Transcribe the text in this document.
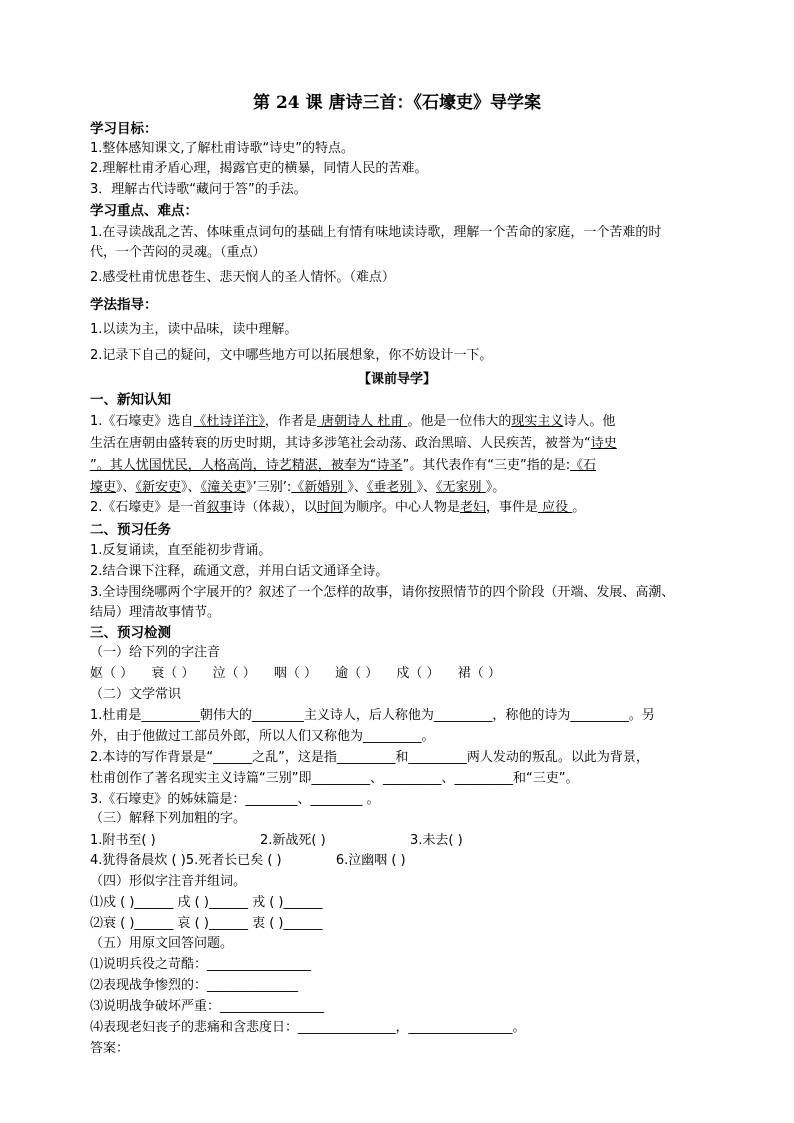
第 24 课 唐诗三首：《石壕吏》导学案
学习目标：
1.整体感知课文,了解杜甫诗歌“诗史”的特点。
2.理解杜甫矛盾心理，揭露官吏的横暴，同情人民的苦难。
3．理解古代诗歌“藏问于答”的手法。
学习重点、难点：
1.在寻读战乱之苦、体味重点词句的基础上有情有味地读诗歌，理解一个苦命的家庭，一个苦难的时
代，一个苦闷的灵魂。（重点）
2.感受杜甫忧患苍生、悲天悯人的圣人情怀。（难点）
学法指导：
1.以读为主，读中品味，读中理解。
2.记录下自己的疑问，文中哪些地方可以拓展想象，你不妨设计一下。
【课前导学】
一、新知认知
1.《石壕吏》选自《杜诗详注》，作者是 唐朝诗人 杜甫 。他是一位伟大的现实主义诗人。他
生活在唐朝由盛转衰的历史时期，其诗多涉笔社会动荡、政治黑暗、人民疾苦，被誉为“诗史
”。其人忧国忧民，人格高尚，诗艺精湛，被奉为“诗圣”。其代表作有“三吏”指的是:《石
壕吏》、《新安吏》、《潼关吏》’三别’:《新婚别 》、《垂老别 》、《无家别 》。
2.《石壕吏》是一首叙事诗（体裁），以时间为顺序。中心人物是老妇，事件是 应役 。
二、预习任务
1.反复诵读，直至能初步背诵。
2.结合课下注释，疏通文意，并用白话文通译全诗。
3.全诗围绕哪两个字展开的？叙述了一个怎样的故事，请你按照情节的四个阶段（开端、发展、高潮、
结局）理清故事情节。
三、预习检测
（一）给下列的字注音
妪（ ） 衰（ ） 泣（ ） 咽（ ） 逾（ ） 戍（ ） 裙（ ）
（二）文学常识
1.杜甫是_________朝伟大的________主义诗人，后人称他为_________，称他的诗为_________。另
外，由于他做过工部员外郎，所以人们又称他为_________。
2.本诗的写作背景是“______之乱”，这是指_________和_________两人发动的叛乱。以此为背景，
杜甫创作了著名现实主义诗篇“三别”即_________、_________、_________和“三吏”。
3.《石壕吏》的姊妹篇是：________、________ 。
（三）解释下列加粗的字。
1.附书至( )	2.新战死( )	3.未去( )
4.犹得备晨炊 ( )5.死者长已矣 ( )	6.泣幽咽 ( )
（四）形似字注音并组词。
⑴戍 ( )______ 戌 ( )______ 戎 ( )______
⑵衰 ( )______ 哀 ( )______ 衷 ( )______
（五）用原文回答问题。
⑴说明兵役之苛酷：________________
⑵表现战争惨烈的：______________
⑶说明战争破坏严重：________________
⑷表现老妇丧子的悲痛和含悲度日：_______________，________________。
答案：
